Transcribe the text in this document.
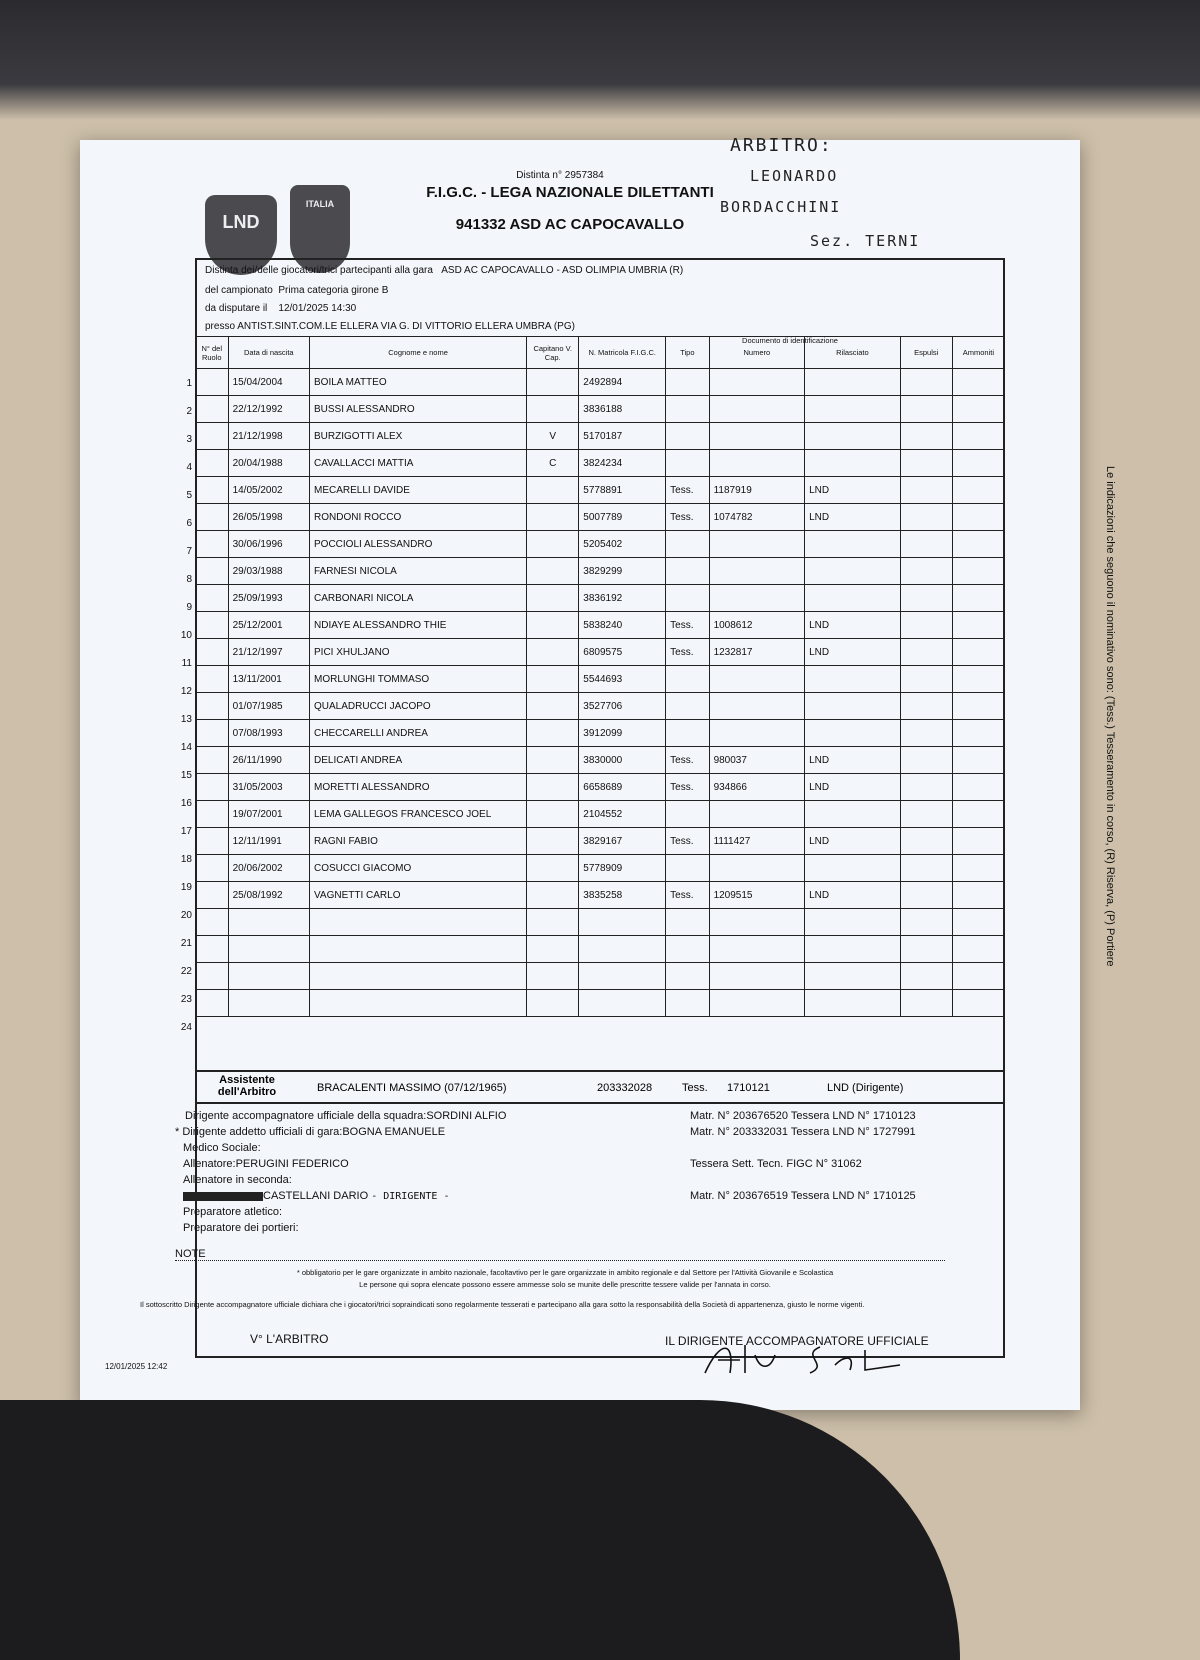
LND
ITALIA
Distinta n° 2957384
F.I.G.C. - LEGA NAZIONALE DILETTANTI
941332 ASD AC CAPOCAVALLO
ARBITRO:
LEONARDO
BORDACCHINI
Sez. TERNI
Distinta dei/delle giocatori/trici partecipanti alla gara ASD AC CAPOCAVALLO - ASD OLIMPIA UMBRIA (R)
del campionato Prima categoria girone B
da disputare il 12/01/2025 14:30
presso ANTIST.SINT.COM.LE ELLERA VIA G. DI VITTORIO ELLERA UMBRA (PG)
N° del Ruolo	Data di nascita	Cognome e nome	Capitano V. Cap.	N. Matricola F.I.G.C.	Tipo	Numero	Rilasciato	Espulsi	Ammoniti
	15/04/2004	BOILA MATTEO		2492894					
	22/12/1992	BUSSI ALESSANDRO		3836188					
	21/12/1998	BURZIGOTTI ALEX	V	5170187					
	20/04/1988	CAVALLACCI MATTIA	C	3824234					
	14/05/2002	MECARELLI DAVIDE		5778891	Tess.	1187919	LND		
	26/05/1998	RONDONI ROCCO		5007789	Tess.	1074782	LND		
	30/06/1996	POCCIOLI ALESSANDRO		5205402					
	29/03/1988	FARNESI NICOLA		3829299					
	25/09/1993	CARBONARI NICOLA		3836192					
	25/12/2001	NDIAYE ALESSANDRO THIE		5838240	Tess.	1008612	LND		
	21/12/1997	PICI XHULJANO		6809575	Tess.	1232817	LND		
	13/11/2001	MORLUNGHI TOMMASO		5544693					
	01/07/1985	QUALADRUCCI JACOPO		3527706					
	07/08/1993	CHECCARELLI ANDREA		3912099					
	26/11/1990	DELICATI ANDREA		3830000	Tess.	980037	LND		
	31/05/2003	MORETTI ALESSANDRO		6658689	Tess.	934866	LND		
	19/07/2001	LEMA GALLEGOS FRANCESCO JOEL		2104552					
	12/11/1991	RAGNI FABIO		3829167	Tess.	1111427	LND		
	20/06/2002	COSUCCI GIACOMO		5778909					
	25/08/1992	VAGNETTI CARLO		3835258	Tess.	1209515	LND		

Documento di identificazione
Assistente dell'Arbitro	BRACALENTI MASSIMO (07/12/1965)	203332028	Tess. 1710121	LND (Dirigente)
Dirigente accompagnatore ufficiale della squadra:SORDINI ALFIO	Matr. N° 203676520 Tessera LND N° 1710123
* Dirigente addetto ufficiali di gara:BOGNA EMANUELE	Matr. N° 203332031 Tessera LND N° 1727991
Medico Sociale:
Allenatore:PERUGINI FEDERICO	Tessera Sett. Tecn. FIGC N° 31062
Allenatore in seconda:
CASTELLANI DARIO - DIRIGENTE -	Matr. N° 203676519 Tessera LND N° 1710125
Preparatore atletico:
Preparatore dei portieri:
NOTE
* obbligatorio per le gare organizzate in ambito nazionale, facoltavtivo per le gare organizzate in ambito regionale e dal Settore per l'Attività Giovanile e Scolastica
Le persone qui sopra elencate possono essere ammesse solo se munite delle prescritte tessere valide per l'annata in corso.
Il sottoscritto Dirigente accompagnatore ufficiale dichiara che i giocatori/trici sopraindicati sono regolarmente tesserati e partecipano alla gara sotto la responsabilità della Società di appartenenza, giusto le norme vigenti.
V° L'ARBITRO	IL DIRIGENTE ACCOMPAGNATORE UFFICIALE
12/01/2025 12:42
Le indicazioni che seguono il nominativo sono: (Tess.) Tesseramento in corso, (R) Riserva, (P) Portiere
1
2
3
4
5
6
7
8
9
10
11
12
13
14
15
16
17
18
19
20
21
22
23
24
